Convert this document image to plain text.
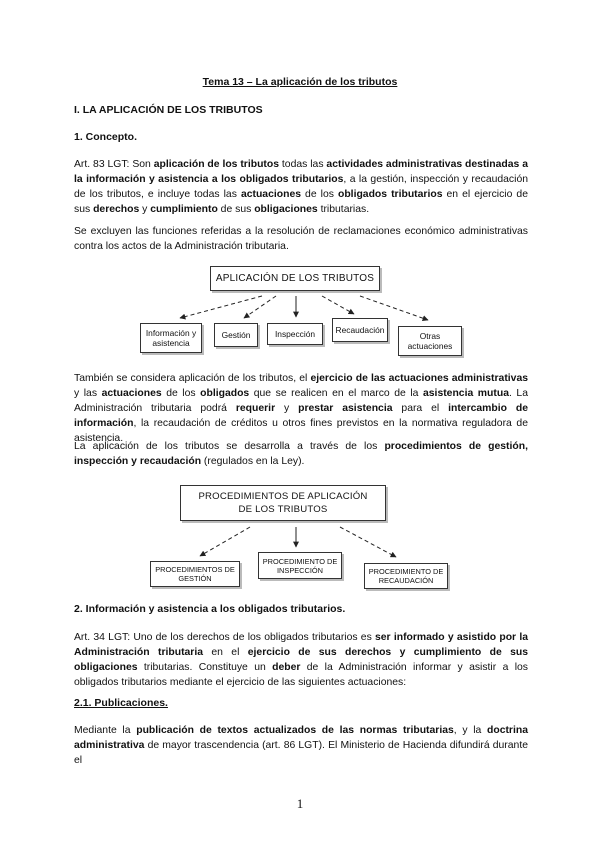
Tema 13 – La aplicación de los tributos

I. LA APLICACIÓN DE LOS TRIBUTOS

1. Concepto.

Art. 83 LGT: Son aplicación de los tributos todas las actividades administrativas destinadas a la información y asistencia a los obligados tributarios, a la gestión, inspección y recaudación de los tributos, e incluye todas las actuaciones de los obligados tributarios en el ejercicio de sus derechos y cumplimiento de sus obligaciones tributarias.

Se excluyen las funciones referidas a la resolución de reclamaciones económico administrativas contra los actos de la Administración tributaria.

APLICACIÓN DE LOS TRIBUTOS
Información y asistencia
Gestión	Inspección	Recaudación
Otras actuaciones

También se considera aplicación de los tributos, el ejercicio de las actuaciones administrativas y las actuaciones de los obligados que se realicen en el marco de la asistencia mutua. La Administración tributaria podrá requerir y prestar asistencia para el intercambio de información, la recaudación de créditos u otros fines previstos en la normativa reguladora de asistencia.

La aplicación de los tributos se desarrolla a través de los procedimientos de gestión, inspección y recaudación (regulados en la Ley).

PROCEDIMIENTOS DE APLICACIÓN DE LOS TRIBUTOS
PROCEDIMIENTOS DE GESTIÓN
PROCEDIMIENTO DE INSPECCIÓN	PROCEDIMIENTO DE RECAUDACIÓN

2. Información y asistencia a los obligados tributarios.

Art. 34 LGT: Uno de los derechos de los obligados tributarios es ser informado y asistido por la Administración tributaria en el ejercicio de sus derechos y cumplimiento de sus obligaciones tributarias. Constituye un deber de la Administración informar y asistir a los obligados tributarios mediante el ejercicio de las siguientes actuaciones:

2.1. Publicaciones.

Mediante la publicación de textos actualizados de las normas tributarias, y la doctrina administrativa de mayor trascendencia (art. 86 LGT). El Ministerio de Hacienda difundirá durante el

1
